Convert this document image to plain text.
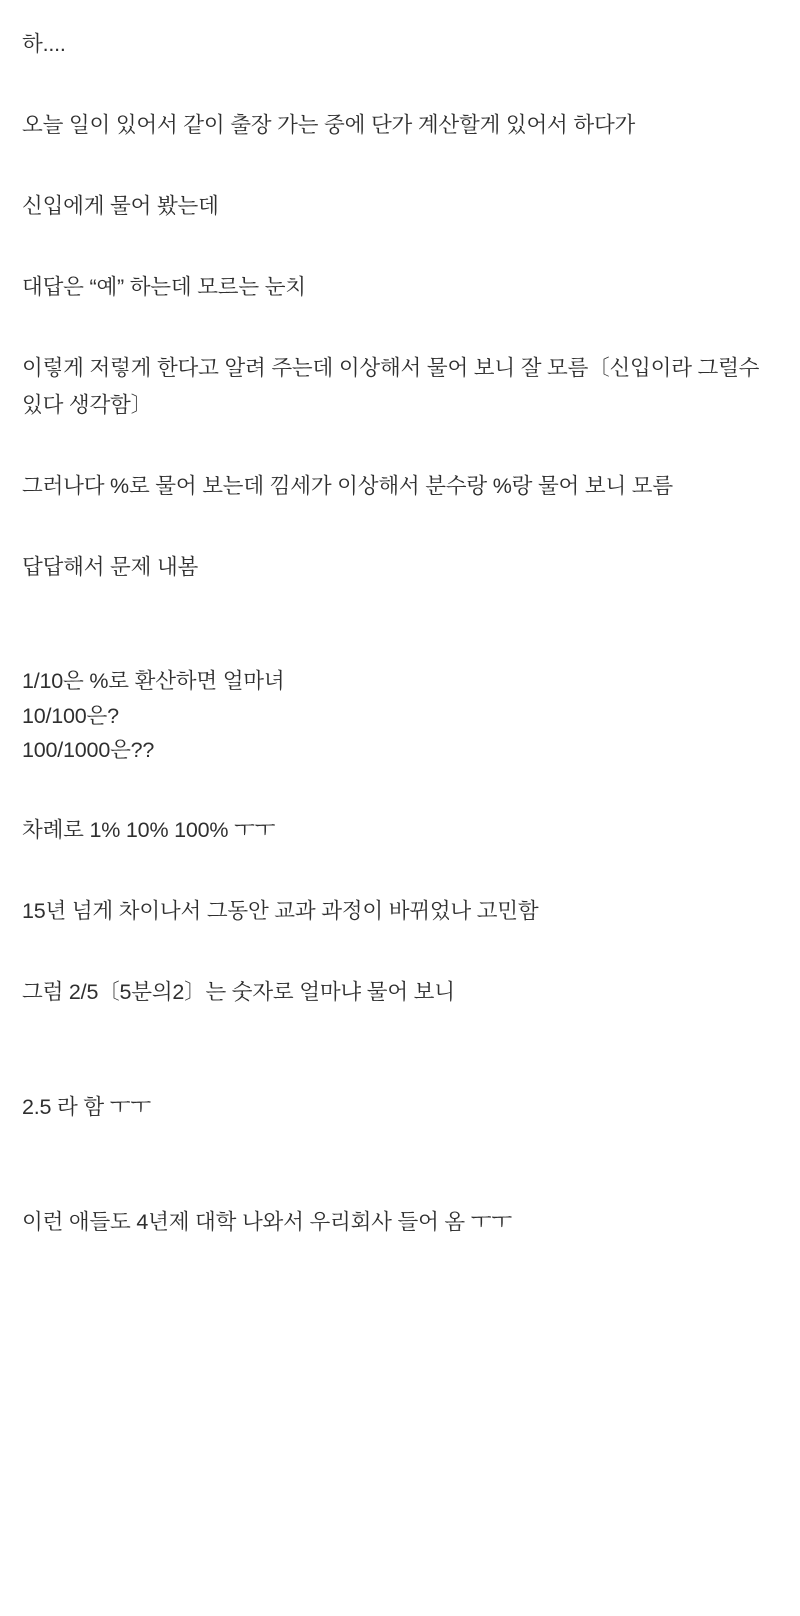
하....

오늘 일이 있어서 같이 출장 가는 중에 단가 계산할게 있어서 하다가

신입에게 물어 봤는데

대답은 “예” 하는데 모르는 눈치

이렇게 저렇게 한다고 알려 주는데 이상해서 물어 보니 잘 모름〔신입이라 그럴수 있다 생각함〕

그러나다 %로 물어 보는데 낌세가 이상해서 분수랑 %랑 물어 보니 모름

답답해서 문제 내봄

1/10은 %로 환산하면 얼마녀

10/100은?

100/1000은??

차례로 1% 10% 100% ㅜㅜ

15년 넘게 차이나서 그동안 교과 과정이 바뀌었나 고민함

그럼 2/5〔5분의2〕는 숫자로 얼마냐 물어 보니

2.5 라 함 ㅜㅜ

이런 애들도 4년제 대학 나와서 우리회사 들어 옴 ㅜㅜ
